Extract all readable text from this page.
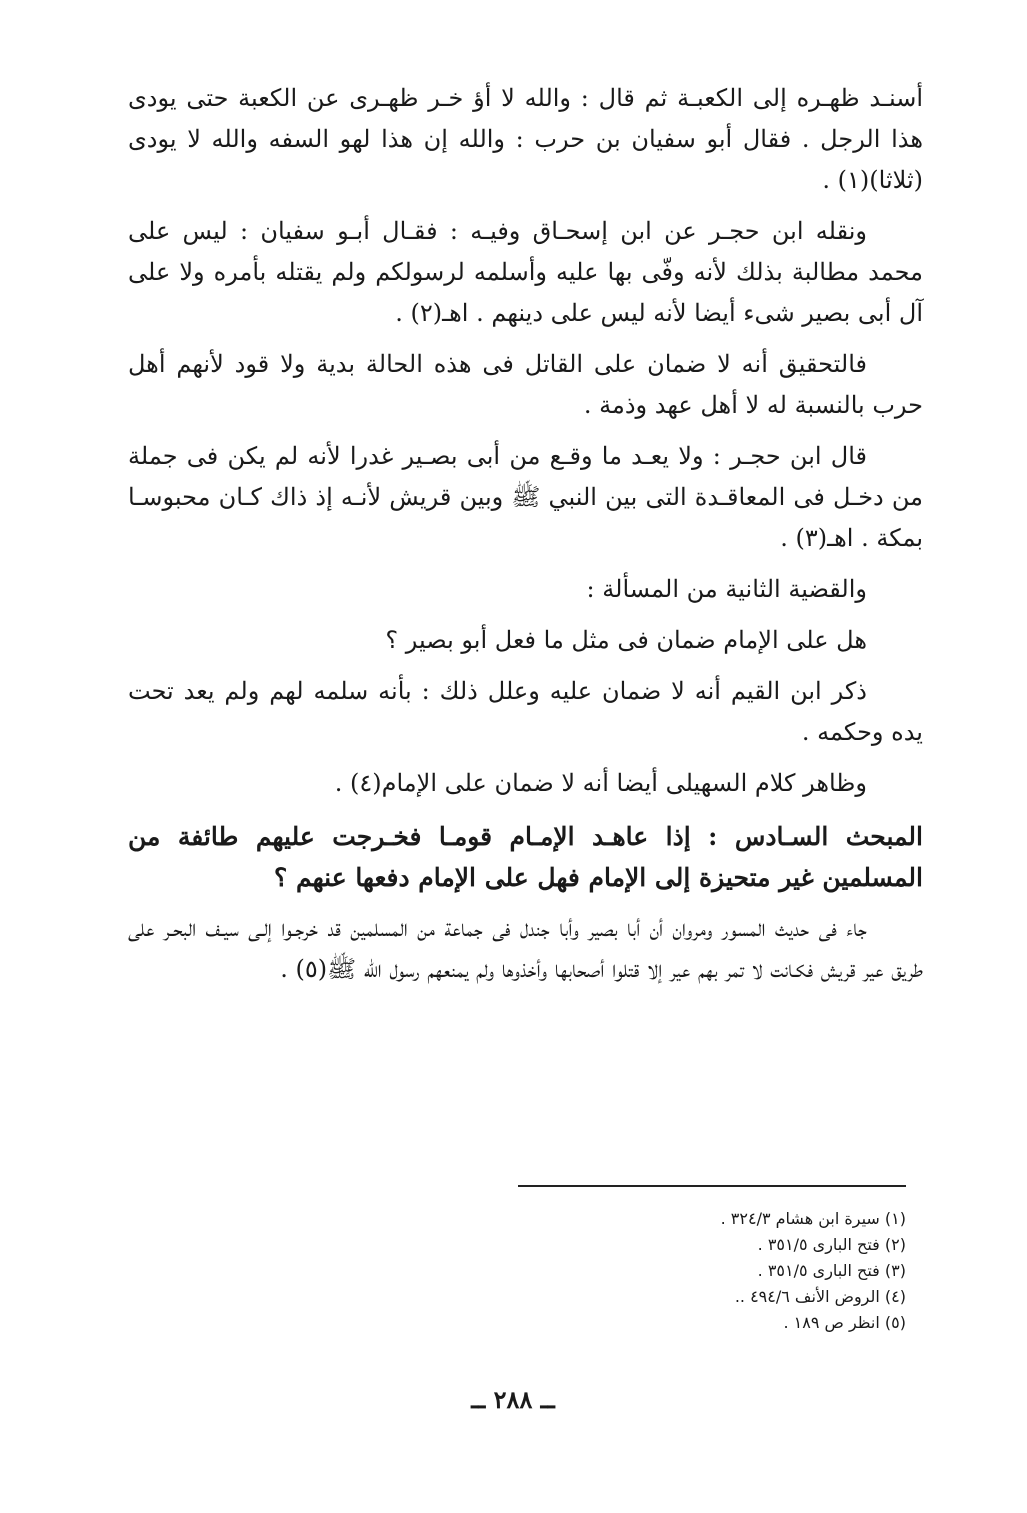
أسنـد ظهـره إلى الكعبـة ثم قال : والله لا أؤ خـر ظهـرى عن الكعبة حتى يودى هذا الرجل . فقال أبو سفيان بن حرب : والله إن هذا لهو السفه والله لا يودى (ثلاثا)(١) .

ونقله ابن حجـر عن ابن إسحـاق وفيـه : فقـال أبـو سفيان : ليس على محمد مطالبة بذلك لأنه وفّى بها عليه وأسلمه لرسولكم ولم يقتله بأمره ولا على آل أبى بصير شىء أيضا لأنه ليس على دينهم . اهـ(٢) .

فالتحقيق أنه لا ضمان على القاتل فى هذه الحالة بدية ولا قود لأنهم أهل حرب بالنسبة له لا أهل عهد وذمة .

قال ابن حجـر : ولا يعـد ما وقـع من أبى بصـير غدرا لأنه لم يكن فى جملة من دخـل فى المعاقـدة التى بين النبي ﷺ وبين قريش لأنـه إذ ذاك كـان محبوسـا بمكة . اهـ(٣) .

والقضية الثانية من المسألة :

هل على الإمام ضمان فى مثل ما فعل أبو بصير ؟

ذكر ابن القيم أنه لا ضمان عليه وعلل ذلك : بأنه سلمه لهم ولم يعد تحت يده وحكمه .

وظاهر كلام السهيلى أيضا أنه لا ضمان على الإمام(٤) .

المبحث السـادس : إذا عاهـد الإمـام قومـا فخـرجت عليهم طائفة من المسلمين غير متحيزة إلى الإمام فهل على الإمام دفعها عنهم ؟

جاء فى حديث المسور ومروان أن أبا بصير وأبا جندل فى جماعة من المسلمين قد خرجـوا إلـى سيـف البحـر على طريق عير قريش فكـانت لا تمر بهم عير إلا قتلوا أصحابها وأخذوها ولم يمنعهم رسول الله ﷺ(٥) .

(١) سيرة ابن هشام ٣٢٤/٣ .

(٢) فتح البارى ٣٥١/٥ .

(٣) فتح البارى ٣٥١/٥ .

(٤) الروض الأنف ٤٩٤/٦ ..

(٥) انظر ص ١٨٩ .

ــ ٢٨٨ ــ
